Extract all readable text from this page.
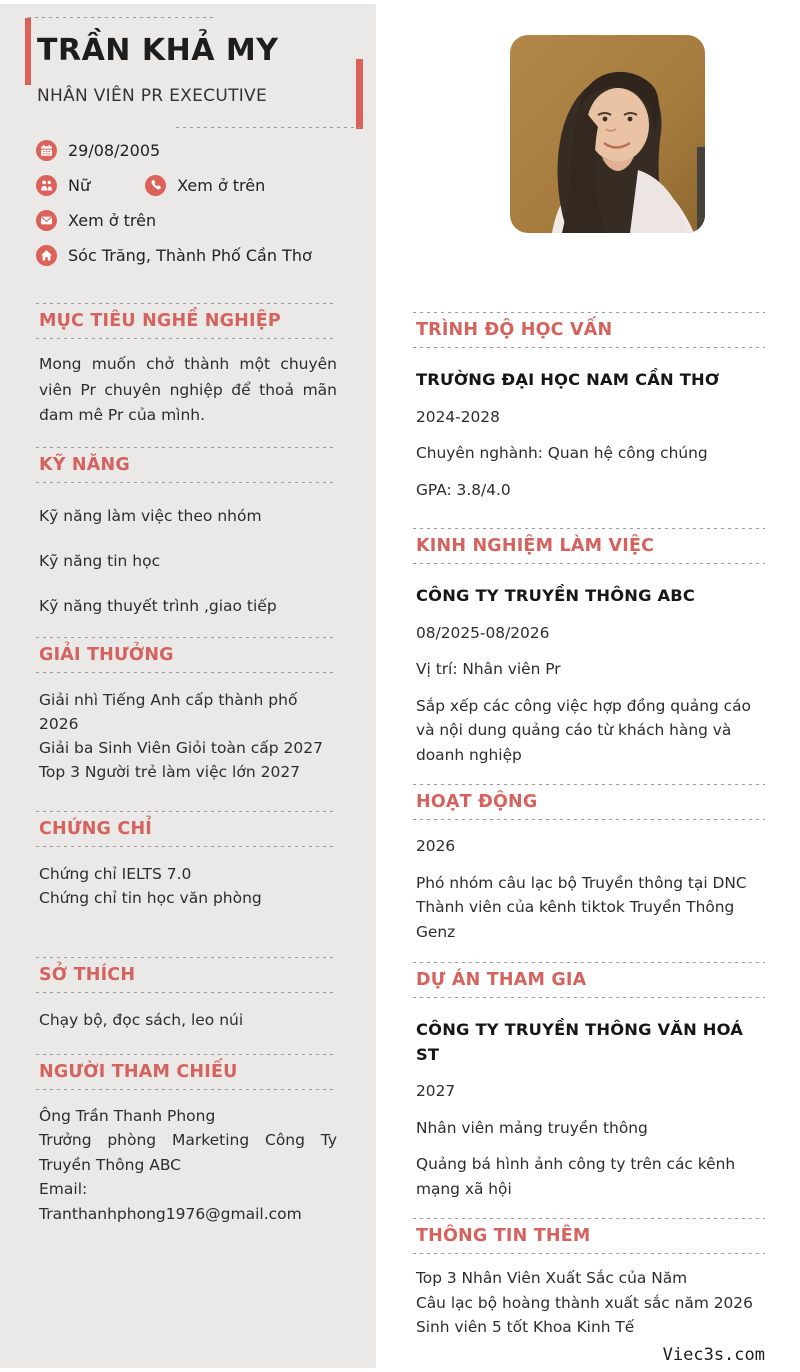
TRẦN KHẢ MY
NHÂN VIÊN PR EXECUTIVE
29/08/2005
Nữ	Xem ở trên
Xem ở trên
Sóc Trăng, Thành Phố Cần Thơ
MỤC TIÊU NGHỀ NGHIỆP
Mong muốn chở thành một chuyên viên Pr chuyên nghiệp để thoả mãn đam mê Pr của mình.
KỸ NĂNG
Kỹ năng làm việc theo nhóm
Kỹ năng tin học
Kỹ năng thuyết trình ,giao tiếp
GIẢI THƯỞNG
Giải nhì Tiếng Anh cấp thành phố 2026
Giải ba Sinh Viên Giỏi toàn cấp 2027
Top 3 Người trẻ làm việc lớn 2027
CHỨNG CHỈ
Chứng chỉ IELTS 7.0
Chứng chỉ tin học văn phòng
SỞ THÍCH
Chạy bộ, đọc sách, leo núi
NGƯỜI THAM CHIẾU
Ông Trần Thanh Phong
Trưởng phòng Marketing Công Ty Truyền Thông ABC
Email: Tranthanhphong1976@gmail.com
TRÌNH ĐỘ HỌC VẤN
TRƯỜNG ĐẠI HỌC NAM CẦN THƠ
2024-2028
Chuyên nghành: Quan hệ công chúng
GPA: 3.8/4.0
KINH NGHIỆM LÀM VIỆC
CÔNG TY TRUYỀN THÔNG ABC
08/2025-08/2026
Vị trí: Nhân viên Pr
Sắp xếp các công việc hợp đồng quảng cáo và nội dung quảng cáo từ khách hàng và doanh nghiệp
HOẠT ĐỘNG
2026
Phó nhóm câu lạc bộ Truyền thông tại DNC
Thành viên của kênh tiktok Truyền Thông Genz
DỰ ÁN THAM GIA
CÔNG TY TRUYỀN THÔNG VĂN HOÁ ST
2027
Nhân viên mảng truyền thông
Quảng bá hình ảnh công ty trên các kênh mạng xã hội
THÔNG TIN THÊM
Top 3 Nhân Viên Xuất Sắc của Năm
Câu lạc bộ hoàng thành xuất sắc năm 2026
Sinh viên 5 tốt Khoa Kinh Tế
Viec3s.com
